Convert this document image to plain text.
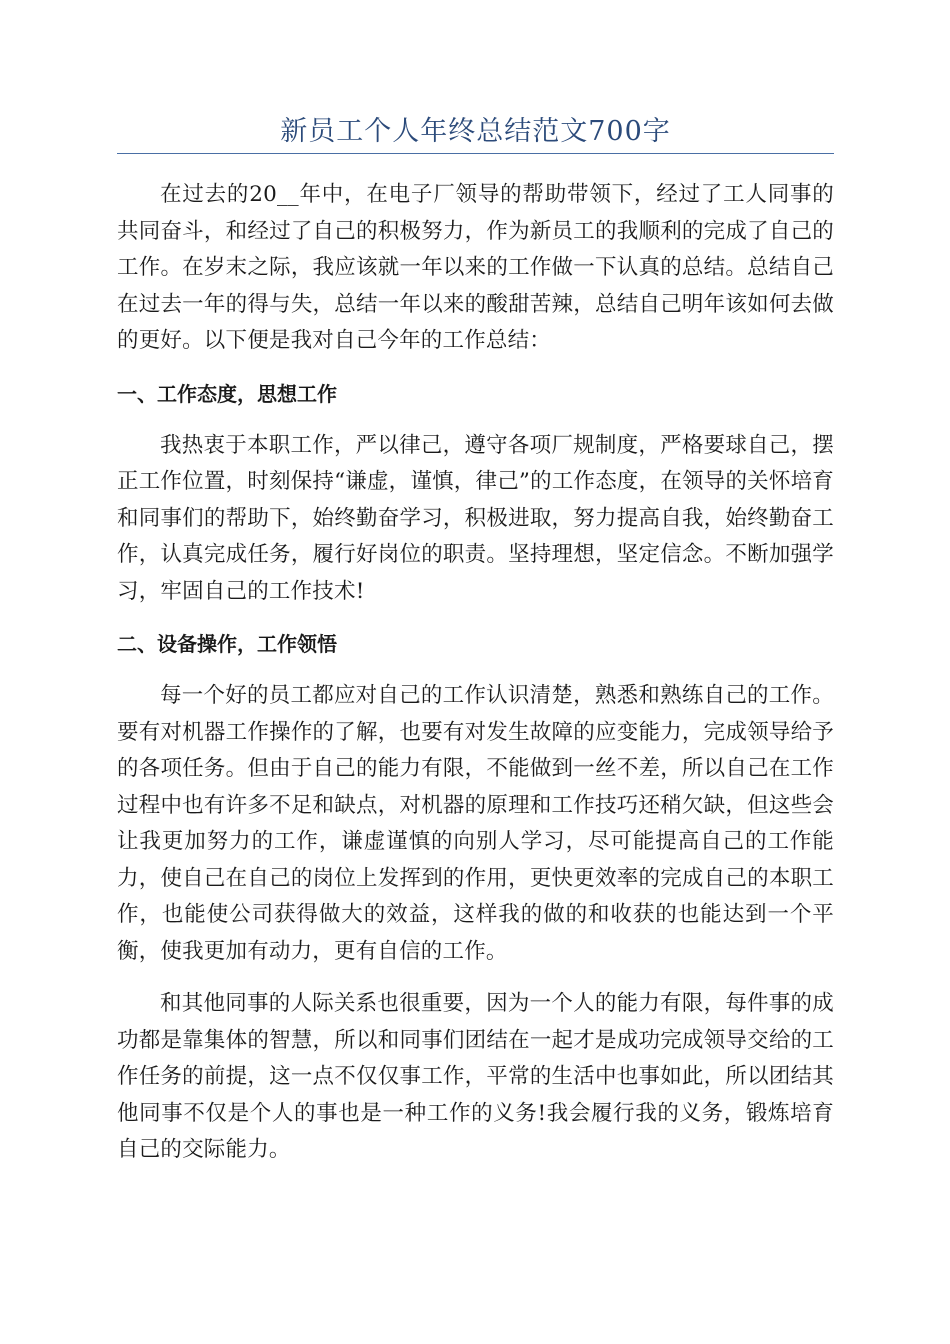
新员工个人年终总结范文700字

在过去的20__年中，在电子厂领导的帮助带领下，经过了工人同事的共同奋斗，和经过了自己的积极努力，作为新员工的我顺利的完成了自己的工作。在岁末之际，我应该就一年以来的工作做一下认真的总结。总结自己在过去一年的得与失，总结一年以来的酸甜苦辣，总结自己明年该如何去做的更好。以下便是我对自己今年的工作总结：

一、工作态度，思想工作

我热衷于本职工作，严以律己，遵守各项厂规制度，严格要球自己，摆正工作位置，时刻保持“谦虚，谨慎，律己”的工作态度，在领导的关怀培育和同事们的帮助下，始终勤奋学习，积极进取，努力提高自我，始终勤奋工作，认真完成任务，履行好岗位的职责。坚持理想，坚定信念。不断加强学习，牢固自己的工作技术!

二、设备操作，工作领悟

每一个好的员工都应对自己的工作认识清楚，熟悉和熟练自己的工作。要有对机器工作操作的了解，也要有对发生故障的应变能力，完成领导给予的各项任务。但由于自己的能力有限，不能做到一丝不差，所以自己在工作过程中也有许多不足和缺点，对机器的原理和工作技巧还稍欠缺，但这些会让我更加努力的工作，谦虚谨慎的向别人学习，尽可能提高自己的工作能力，使自己在自己的岗位上发挥到的作用，更快更效率的完成自己的本职工作，也能使公司获得做大的效益，这样我的做的和收获的也能达到一个平衡，使我更加有动力，更有自信的工作。

和其他同事的人际关系也很重要，因为一个人的能力有限，每件事的成功都是靠集体的智慧，所以和同事们团结在一起才是成功完成领导交给的工作任务的前提，这一点不仅仅事工作，平常的生活中也事如此，所以团结其他同事不仅是个人的事也是一种工作的义务!我会履行我的义务，锻炼培育自己的交际能力。
